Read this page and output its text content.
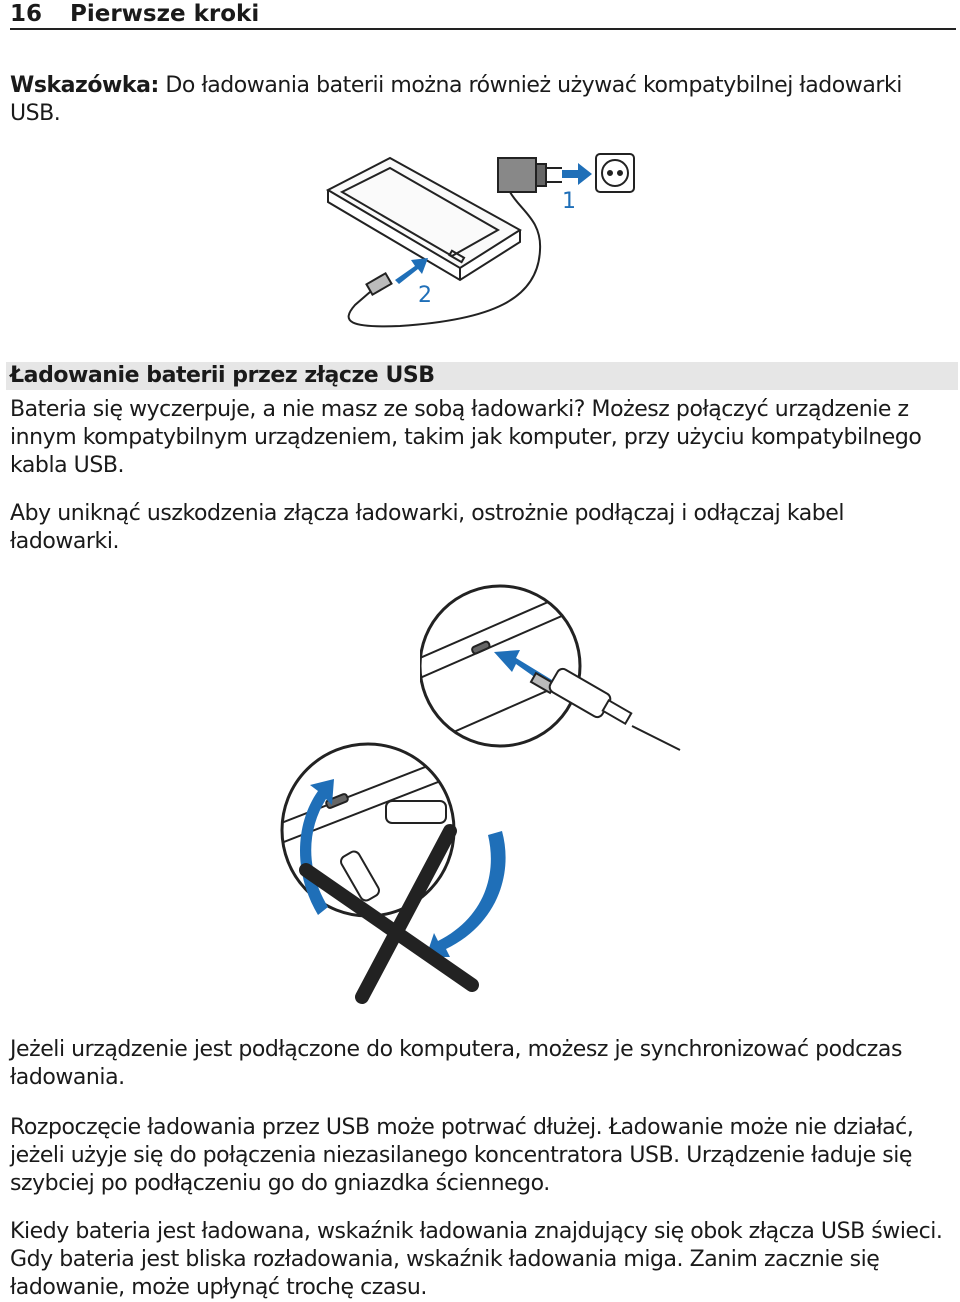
16	Pierwsze kroki

Wskazówka: Do ładowania baterii można również używać kompatybilnej ładowarki USB.

1
2
Ładowanie baterii przez złącze USB

Bateria się wyczerpuje, a nie masz ze sobą ładowarki? Możesz połączyć urządzenie z innym kompatybilnym urządzeniem, takim jak komputer, przy użyciu kompatybilnego kabla USB.

Aby uniknąć uszkodzenia złącza ładowarki, ostrożnie podłączaj i odłączaj kabel ładowarki.

Jeżeli urządzenie jest podłączone do komputera, możesz je synchronizować podczas ładowania.

Rozpoczęcie ładowania przez USB może potrwać dłużej. Ładowanie może nie działać, jeżeli użyje się do połączenia niezasilanego koncentratora USB. Urządzenie ładuje się szybciej po podłączeniu go do gniazdka ściennego.

Kiedy bateria jest ładowana, wskaźnik ładowania znajdujący się obok złącza USB świeci. Gdy bateria jest bliska rozładowania, wskaźnik ładowania miga. Zanim zacznie się ładowanie, może upłynąć trochę czasu.
